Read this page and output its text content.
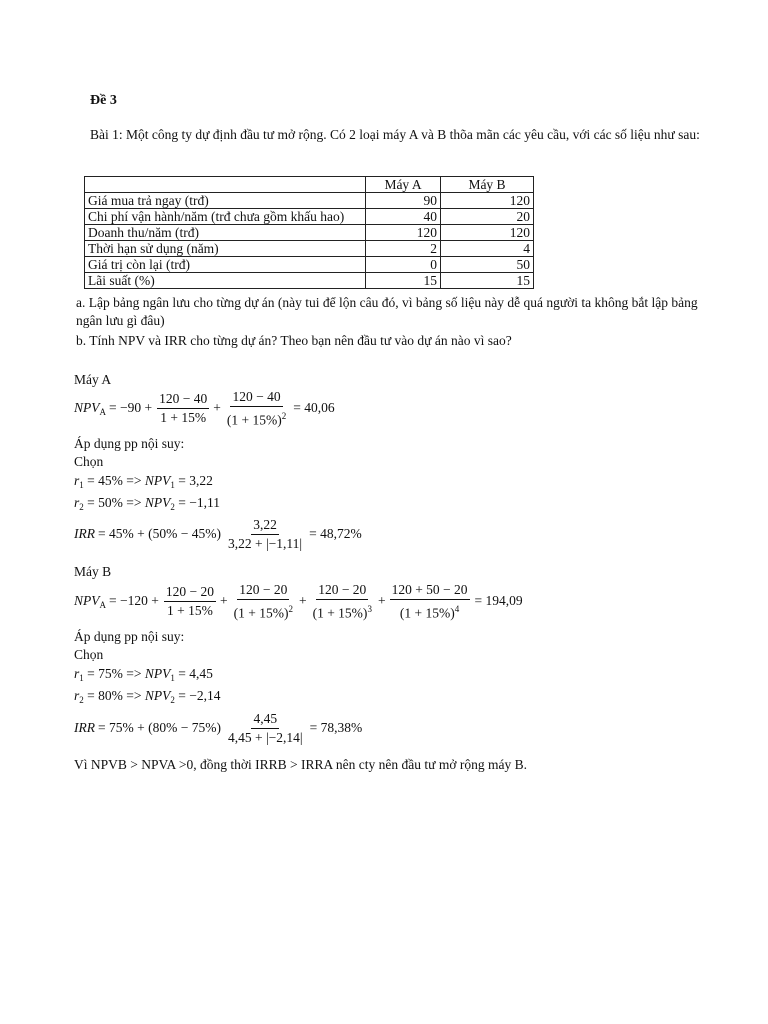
Đề 3
Bài 1: Một công ty dự định đầu tư mở rộng. Có 2 loại máy A và B thõa mãn các yêu cầu, với các số liệu như sau:
	Máy A	Máy B
Giá mua trả ngay (trđ)	90	120
Chi phí vận hành/năm (trđ chưa gồm khấu hao)	40	20
Doanh thu/năm (trđ)	120	120
Thời hạn sử dụng (năm)	2	4
Giá trị còn lại (trđ)	0	50
Lãi suất (%)	15	15
a. Lập bảng ngân lưu cho từng dự án (này tui để lộn câu đó, vì bảng số liệu này dễ quá người ta không bắt lập bảng ngân lưu gì đâu)
b. Tính NPV và IRR cho từng dự án? Theo bạn nên đầu tư vào dự án nào vì sao?
Máy A
$NPV_A = -90 + \frac{120 - 40}{1 + 15\%} + \frac{120 - 40}{(1 + 15\%)^2} = 40,06$
Áp dụng pp nội suy:
Chọn
$r_1 = 45\% => NPV_1 = 3,22$
$r_2 = 50\% => NPV_2 = -1,11$
IRR = $45\% + (50\% - 45\%) \frac{3,22}{3,22 + |-1,11|} = 48,72\%$
Máy B
$NPV_A = -120 + \frac{120 - 20}{1 + 15\%} + \frac{120 - 20}{(1 + 15\%)^2} + \frac{120 - 20}{(1 + 15\%)^3} + \frac{120 + 50 - 20}{(1 + 15\%)^4} = 194,09$
Áp dụng pp nội suy:
Chọn
$r_1 = 75\% => NPV_1 = 4,45$
$r_2 = 80\% => NPV_2 = -2,14$
IRR = $75\% + (80\% - 75\%) \frac{4,45}{4,45 + |-2,14|} = 78,38\%$
Vì NPVB > NPVA >0, đồng thời IRRB > IRRA nên cty nên đầu tư mở rộng máy B.
